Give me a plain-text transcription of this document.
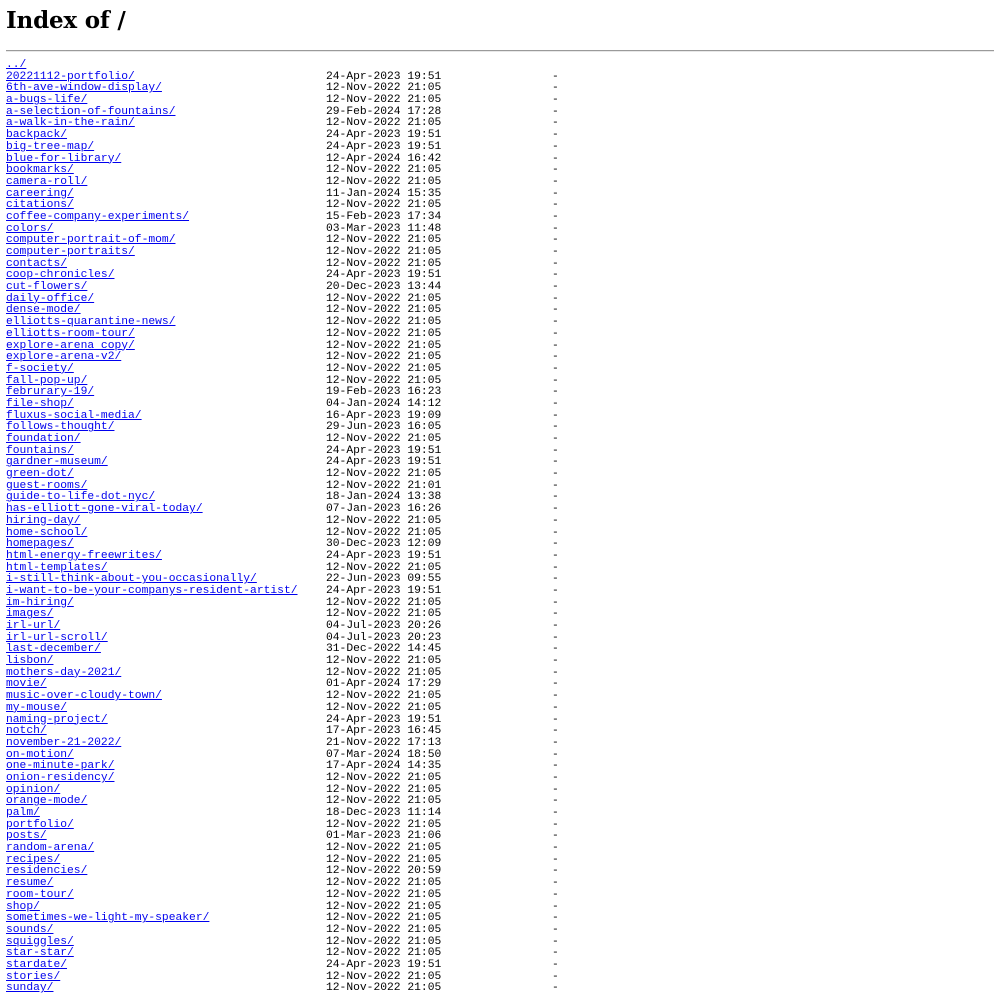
Index of /
../
20221112-portfolio/	24-Apr-2023 19:51	-
6th-ave-window-display/	12-Nov-2022 21:05	-
a-bugs-life/	12-Nov-2022 21:05	-
a-selection-of-fountains/	29-Feb-2024 17:28	-
a-walk-in-the-rain/	12-Nov-2022 21:05	-
backpack/	24-Apr-2023 19:51	-
big-tree-map/	24-Apr-2023 19:51	-
blue-for-library/	12-Apr-2024 16:42	-
bookmarks/	12-Nov-2022 21:05	-
camera-roll/	12-Nov-2022 21:05	-
careering/	11-Jan-2024 15:35	-
citations/	12-Nov-2022 21:05	-
coffee-company-experiments/	15-Feb-2023 17:34	-
colors/	03-Mar-2023 11:48	-
computer-portrait-of-mom/	12-Nov-2022 21:05	-
computer-portraits/	12-Nov-2022 21:05	-
contacts/	12-Nov-2022 21:05	-
coop-chronicles/	24-Apr-2023 19:51	-
cut-flowers/	20-Dec-2023 13:44	-
daily-office/	12-Nov-2022 21:05	-
dense-mode/	12-Nov-2022 21:05	-
elliotts-quarantine-news/	12-Nov-2022 21:05	-
elliotts-room-tour/	12-Nov-2022 21:05	-
explore-arena copy/	12-Nov-2022 21:05	-
explore-arena-v2/	12-Nov-2022 21:05	-
f-society/	12-Nov-2022 21:05	-
fall-pop-up/	12-Nov-2022 21:05	-
februrary-19/	19-Feb-2023 16:23	-
file-shop/	04-Jan-2024 14:12	-
fluxus-social-media/	16-Apr-2023 19:09	-
follows-thought/	29-Jun-2023 16:05	-
foundation/	12-Nov-2022 21:05	-
fountains/	24-Apr-2023 19:51	-
gardner-museum/	24-Apr-2023 19:51	-
green-dot/	12-Nov-2022 21:05	-
guest-rooms/	12-Nov-2022 21:01	-
guide-to-life-dot-nyc/	18-Jan-2024 13:38	-
has-elliott-gone-viral-today/	07-Jan-2023 16:26	-
hiring-day/	12-Nov-2022 21:05	-
home-school/	12-Nov-2022 21:05	-
homepages/	30-Dec-2023 12:09	-
html-energy-freewrites/	24-Apr-2023 19:51	-
html-templates/	12-Nov-2022 21:05	-
i-still-think-about-you-occasionally/	22-Jun-2023 09:55	-
i-want-to-be-your-companys-resident-artist/	24-Apr-2023 19:51	-
im-hiring/	12-Nov-2022 21:05	-
images/	12-Nov-2022 21:05	-
irl-url/	04-Jul-2023 20:26	-
irl-url-scroll/	04-Jul-2023 20:23	-
last-december/	31-Dec-2022 14:45	-
lisbon/	12-Nov-2022 21:05	-
mothers-day-2021/	12-Nov-2022 21:05	-
movie/	01-Apr-2024 17:29	-
music-over-cloudy-town/	12-Nov-2022 21:05	-
my-mouse/	12-Nov-2022 21:05	-
naming-project/	24-Apr-2023 19:51	-
notch/	17-Apr-2023 16:45	-
november-21-2022/	21-Nov-2022 17:13	-
on-motion/	07-Mar-2024 18:50	-
one-minute-park/	17-Apr-2024 14:35	-
onion-residency/	12-Nov-2022 21:05	-
opinion/	12-Nov-2022 21:05	-
orange-mode/	12-Nov-2022 21:05	-
palm/	18-Dec-2023 11:14	-
portfolio/	12-Nov-2022 21:05	-
posts/	01-Mar-2023 21:06	-
random-arena/	12-Nov-2022 21:05	-
recipes/	12-Nov-2022 21:05	-
residencies/	12-Nov-2022 20:59	-
resume/	12-Nov-2022 21:05	-
room-tour/	12-Nov-2022 21:05	-
shop/	12-Nov-2022 21:05	-
sometimes-we-light-my-speaker/	12-Nov-2022 21:05	-
sounds/	12-Nov-2022 21:05	-
squiggles/	12-Nov-2022 21:05	-
star-star/	12-Nov-2022 21:05	-
stardate/	24-Apr-2023 19:51	-
stories/	12-Nov-2022 21:05	-
sunday/	12-Nov-2022 21:05	-
